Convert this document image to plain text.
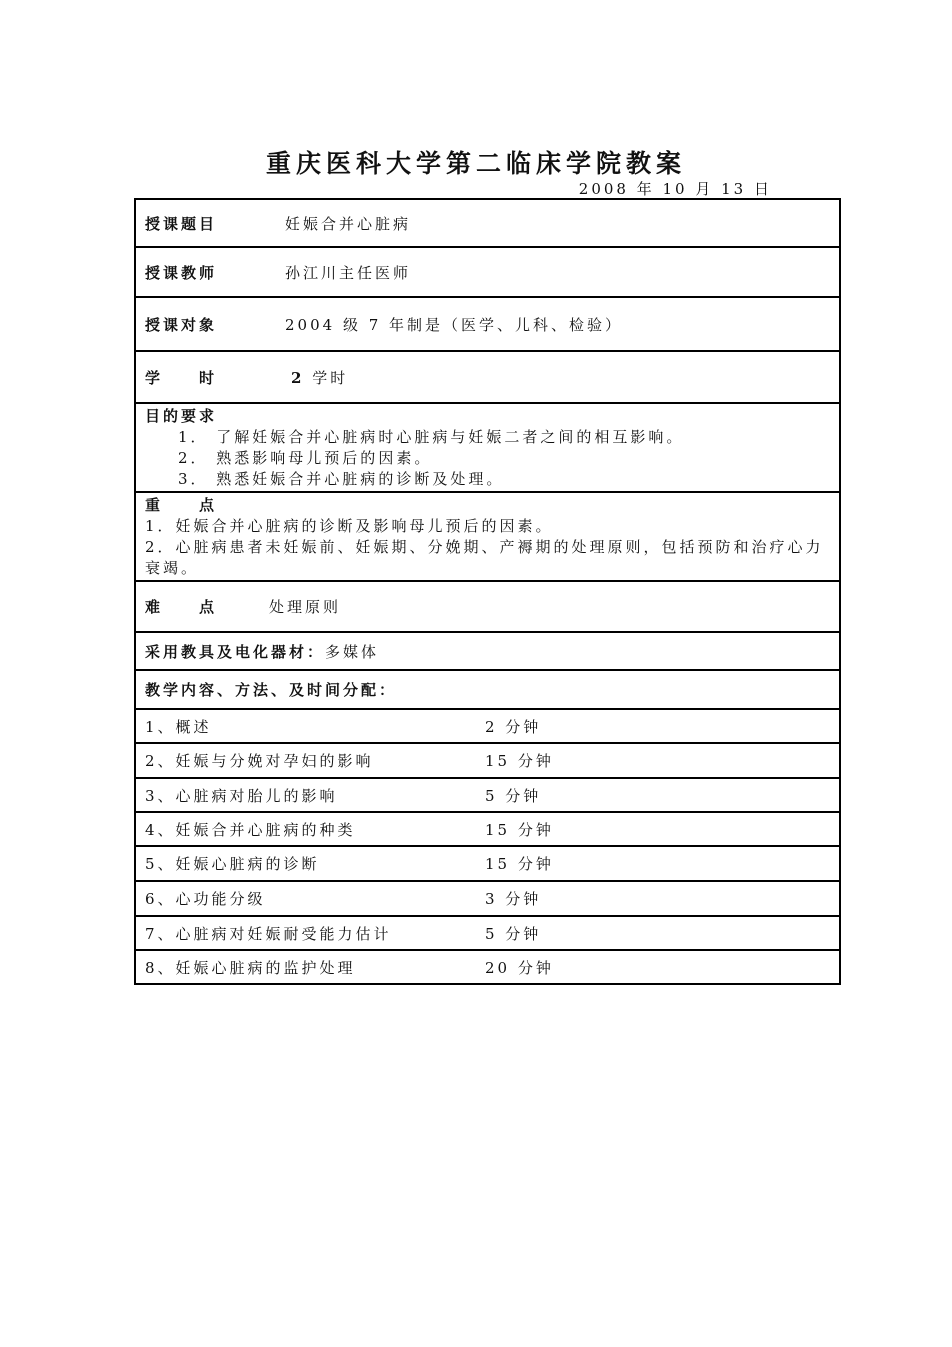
重庆医科大学第二临床学院教案
2008 年 10 月 13 日
授课题目	妊娠合并心脏病
授课教师	孙江川主任医师
授课对象	2004 级 7 年制是（医学、儿科、检验）
学　　时	2 学时

目的要求
1． 了解妊娠合并心脏病时心脏病与妊娠二者之间的相互影响。
2． 熟悉影响母儿预后的因素。
3． 熟悉妊娠合并心脏病的诊断及处理。

重　　点
1．妊娠合并心脏病的诊断及影响母儿预后的因素。
2．心脏病患者未妊娠前、妊娠期、分娩期、产褥期的处理原则，包括预防和治疗心力衰竭。

难　　点	处理原则
采用教具及电化器材：多媒体
教学内容、方法、及时间分配：
1、概述	2 分钟
2、妊娠与分娩对孕妇的影响	15 分钟
3、心脏病对胎儿的影响	5 分钟
4、妊娠合并心脏病的种类	15 分钟
5、妊娠心脏病的诊断	15 分钟
6、心功能分级	3 分钟
7、心脏病对妊娠耐受能力估计	5 分钟
8、妊娠心脏病的监护处理	20 分钟
